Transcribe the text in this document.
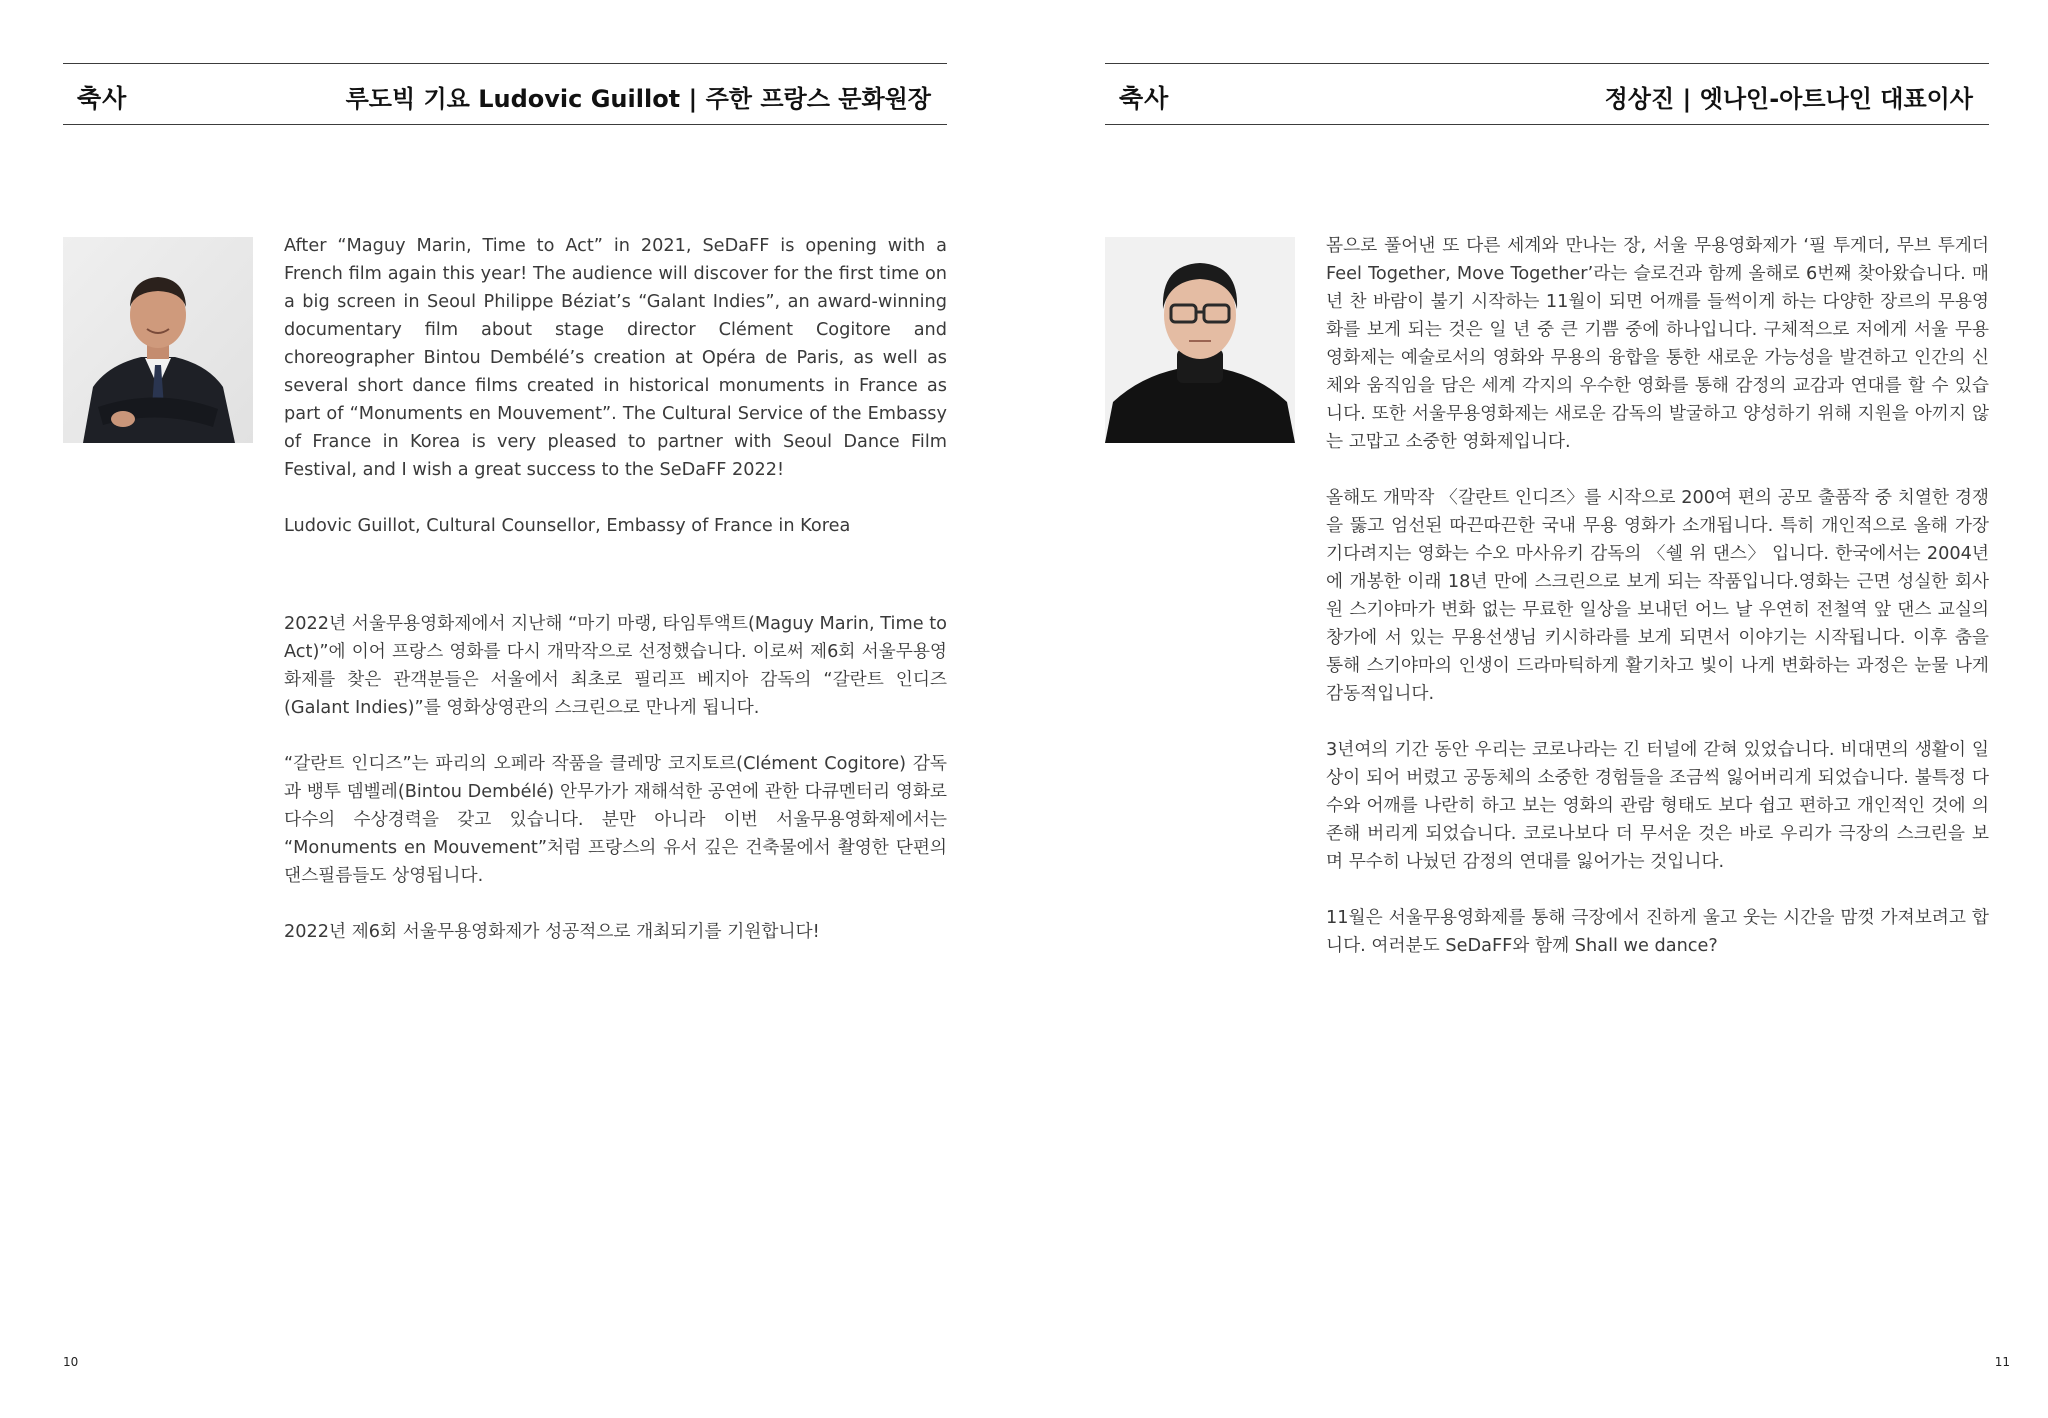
축사	루도빅 기요 Ludovic Guillot | 주한 프랑스 문화원장

After “Maguy Marin, Time to Act” in 2021, SeDaFF is opening with a French film again this year! The audience will discover for the first time on a big screen in Seoul Philippe Béziat’s “Galant Indies”, an award-winning documentary film about stage director Clément Cogitore and choreographer Bintou Dembélé’s creation at Opéra de Paris, as well as several short dance films created in historical monuments in France as part of “Monuments en Mouvement”. The Cultural Service of the Embassy of France in Korea is very pleased to partner with Seoul Dance Film Festival, and I wish a great success to the SeDaFF 2022!

Ludovic Guillot, Cultural Counsellor, Embassy of France in Korea

2022년 서울무용영화제에서 지난해 “마기 마랭, 타임투액트(Maguy Marin, Time to Act)”에 이어 프랑스 영화를 다시 개막작으로 선정했습니다. 이로써 제6회 서울무용영화제를 찾은 관객분들은 서울에서 최초로 필리프 베지아 감독의 “갈란트 인디즈(Galant Indies)”를 영화상영관의 스크린으로 만나게 됩니다.

“갈란트 인디즈”는 파리의 오페라 작품을 클레망 코지토르(Clément Cogitore) 감독과 뱅투 뎀벨레(Bintou Dembélé) 안무가가 재해석한 공연에 관한 다큐멘터리 영화로 다수의 수상경력을 갖고 있습니다. 분만 아니라 이번 서울무용영화제에서는 “Monuments en Mouvement”처럼 프랑스의 유서 깊은 건축물에서 촬영한 단편의 댄스필름들도 상영됩니다.

2022년 제6회 서울무용영화제가 성공적으로 개최되기를 기원합니다!

10
축사	정상진 | 엣나인-아트나인 대표이사

몸으로 풀어낸 또 다른 세계와 만나는 장, 서울 무용영화제가 ‘필 투게더, 무브 투게더 Feel Together, Move Together’라는 슬로건과 함께 올해로 6번째 찾아왔습니다. 매년 찬 바람이 불기 시작하는 11월이 되면 어깨를 들썩이게 하는 다양한 장르의 무용영화를 보게 되는 것은 일 년 중 큰 기쁨 중에 하나입니다. 구체적으로 저에게 서울 무용영화제는 예술로서의 영화와 무용의 융합을 통한 새로운 가능성을 발견하고 인간의 신체와 움직임을 담은 세계 각지의 우수한 영화를 통해 감정의 교감과 연대를 할 수 있습니다. 또한 서울무용영화제는 새로운 감독의 발굴하고 양성하기 위해 지원을 아끼지 않는 고맙고 소중한 영화제입니다.

올해도 개막작 〈갈란트 인디즈〉를 시작으로 200여 편의 공모 출품작 중 치열한 경쟁을 뚫고 엄선된 따끈따끈한 국내 무용 영화가 소개됩니다. 특히 개인적으로 올해 가장 기다려지는 영화는 수오 마사유키 감독의 〈쉘 위 댄스〉 입니다. 한국에서는 2004년에 개봉한 이래 18년 만에 스크린으로 보게 되는 작품입니다.영화는 근면 성실한 회사원 스기야마가 변화 없는 무료한 일상을 보내던 어느 날 우연히 전철역 앞 댄스 교실의 창가에 서 있는 무용선생님 키시하라를 보게 되면서 이야기는 시작됩니다. 이후 춤을 통해 스기야마의 인생이 드라마틱하게 활기차고 빛이 나게 변화하는 과정은 눈물 나게 감동적입니다.

3년여의 기간 동안 우리는 코로나라는 긴 터널에 갇혀 있었습니다. 비대면의 생활이 일상이 되어 버렸고 공동체의 소중한 경험들을 조금씩 잃어버리게 되었습니다. 불특정 다수와 어깨를 나란히 하고 보는 영화의 관람 형태도 보다 쉽고 편하고 개인적인 것에 의존해 버리게 되었습니다. 코로나보다 더 무서운 것은 바로 우리가 극장의 스크린을 보며 무수히 나눴던 감정의 연대를 잃어가는 것입니다.

11월은 서울무용영화제를 통해 극장에서 진하게 울고 웃는 시간을 맘껏 가져보려고 합니다. 여러분도 SeDaFF와 함께 Shall we dance?

11
